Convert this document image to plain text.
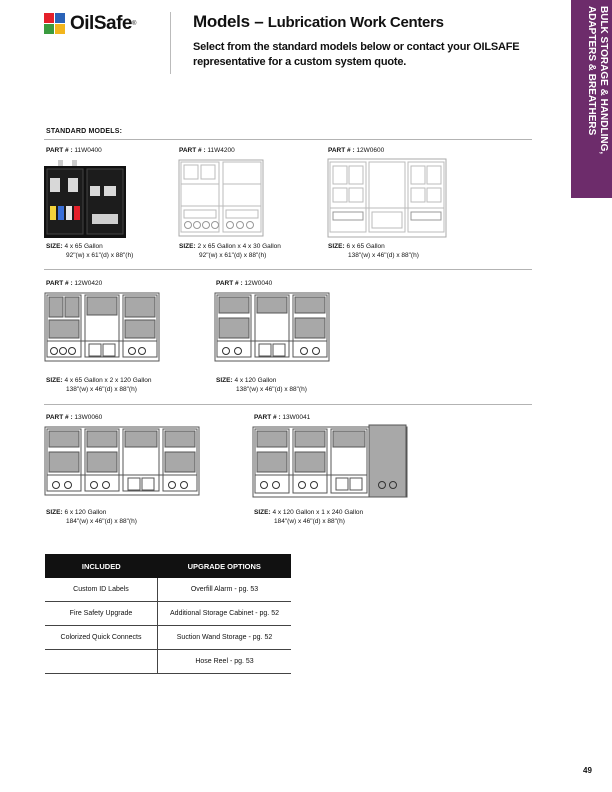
OilSafe ®	Models – Lubrication Work Centers
Select from the standard models below or contact your OILSAFE representative for a custom system quote.	BULK STORAGE & HANDLING, ADAPTERS & BREATHERS
STANDARD MODELS:
PART # : 11W0400
SIZE: 4 x 65 Gallon
92"(w) x 61"(d) x 88"(h)
PART # : 11W4200
SIZE: 2 x 65 Gallon x 4 x 30 Gallon
92"(w) x 61"(d) x 88"(h)
PART # : 12W0600
SIZE: 6 x 65 Gallon
138"(w) x 46"(d) x 88"(h)
PART # : 12W0420
SIZE: 4 x 65 Gallon x 2 x 120 Gallon
138"(w) x 46"(d) x 88"(h)
PART # : 12W0040
SIZE: 4 x 120 Gallon
138"(w) x 46"(d) x 88"(h)
PART # : 13W0060
SIZE: 6 x 120 Gallon
184"(w) x 46"(d) x 88"(h)
PART # : 13W0041
SIZE: 4 x 120 Gallon x 1 x 240 Gallon
184"(w) x 46"(d) x 88"(h)
INCLUDED	UPGRADE OPTIONS
Custom ID Labels	Overfill Alarm - pg. 53
Fire Safety Upgrade	Additional Storage Cabinet - pg. 52
Colorized Quick Connects	Suction Wand Storage - pg. 52
	Hose Reel - pg. 53
49
